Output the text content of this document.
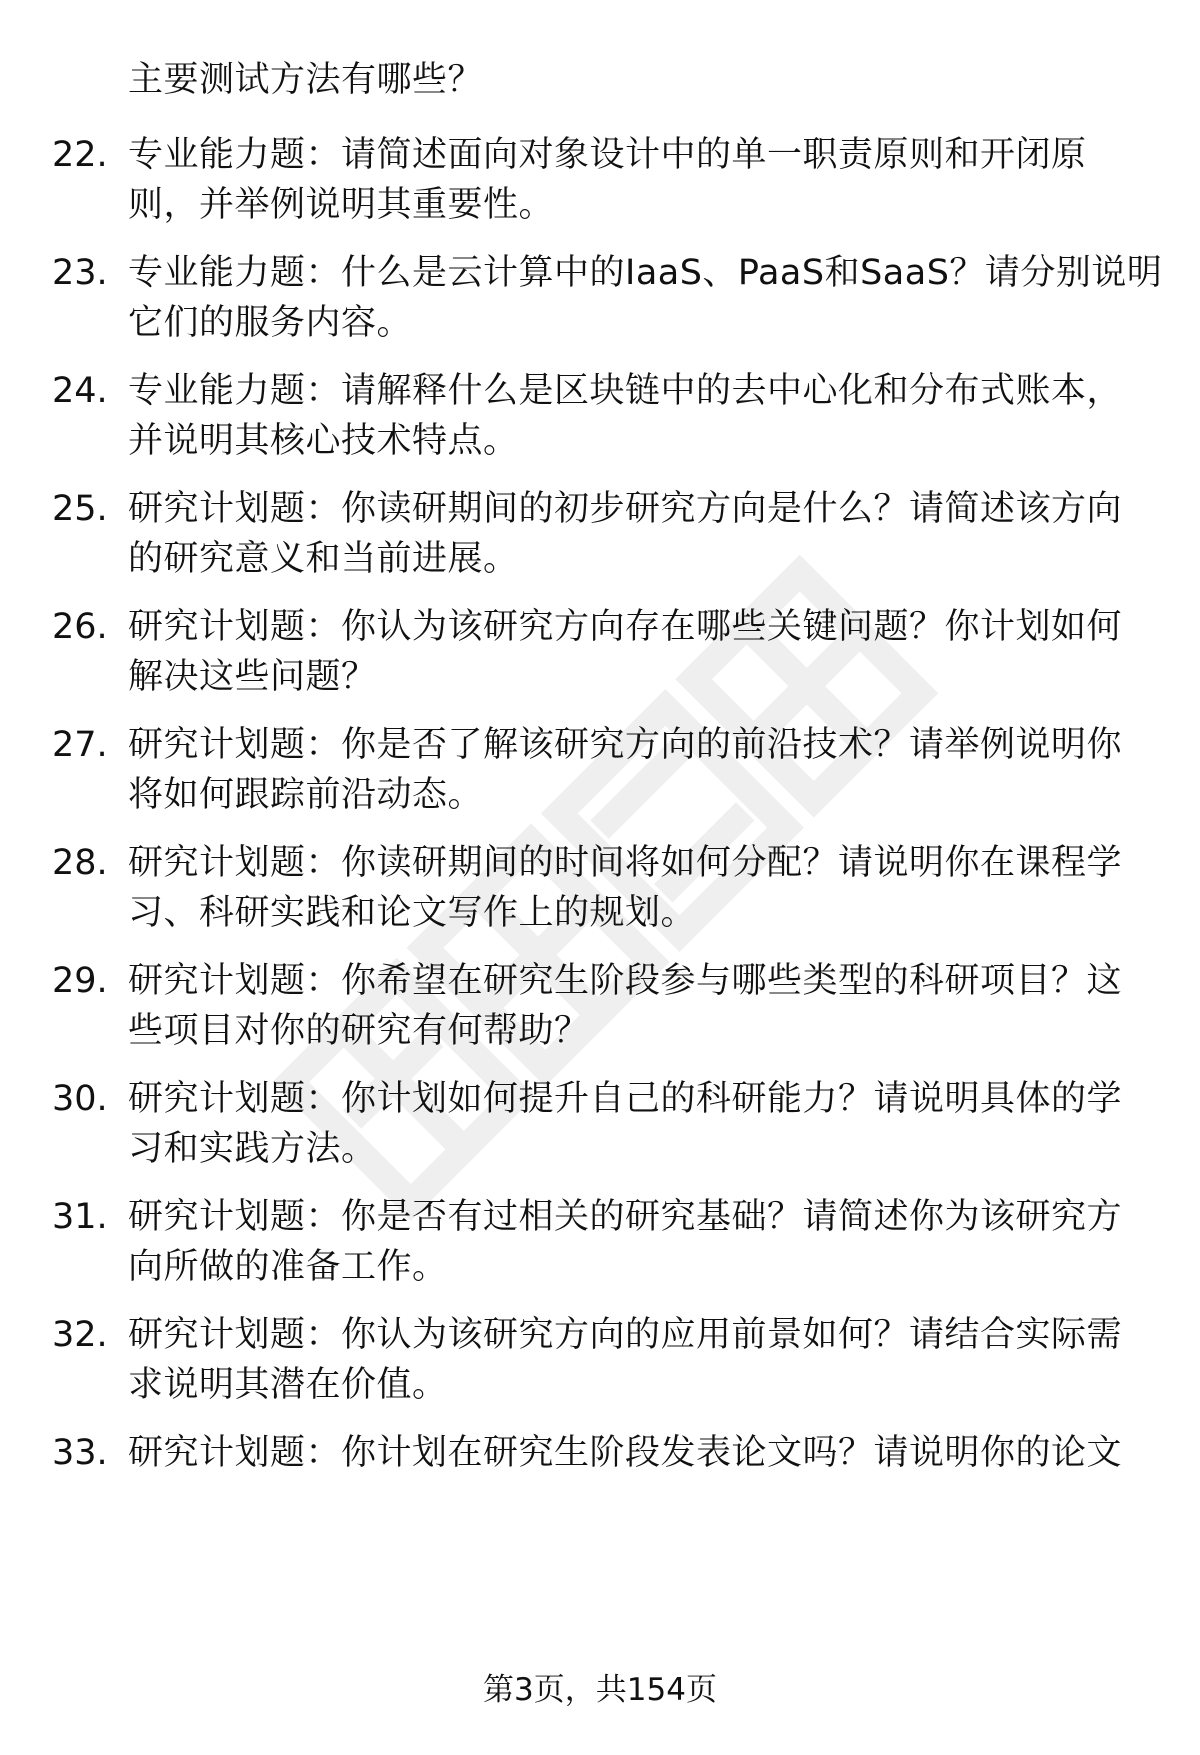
主要测试方法有哪些？
22. 专业能力题：请简述面向对象设计中的单一职责原则和开闭原
则，并举例说明其重要性。
23. 专业能力题：什么是云计算中的IaaS、PaaS和SaaS？请分别说明
它们的服务内容。
24. 专业能力题：请解释什么是区块链中的去中心化和分布式账本，
并说明其核心技术特点。
25. 研究计划题：你读研期间的初步研究方向是什么？请简述该方向
的研究意义和当前进展。
26. 研究计划题：你认为该研究方向存在哪些关键问题？你计划如何
解决这些问题？
27. 研究计划题：你是否了解该研究方向的前沿技术？请举例说明你
将如何跟踪前沿动态。
28. 研究计划题：你读研期间的时间将如何分配？请说明你在课程学
习、科研实践和论文写作上的规划。
29. 研究计划题：你希望在研究生阶段参与哪些类型的科研项目？这
些项目对你的研究有何帮助？
30. 研究计划题：你计划如何提升自己的科研能力？请说明具体的学
习和实践方法。
31. 研究计划题：你是否有过相关的研究基础？请简述你为该研究方
向所做的准备工作。
32. 研究计划题：你认为该研究方向的应用前景如何？请结合实际需
求说明其潜在价值。
33. 研究计划题：你计划在研究生阶段发表论文吗？请说明你的论文
第3页，共154页
